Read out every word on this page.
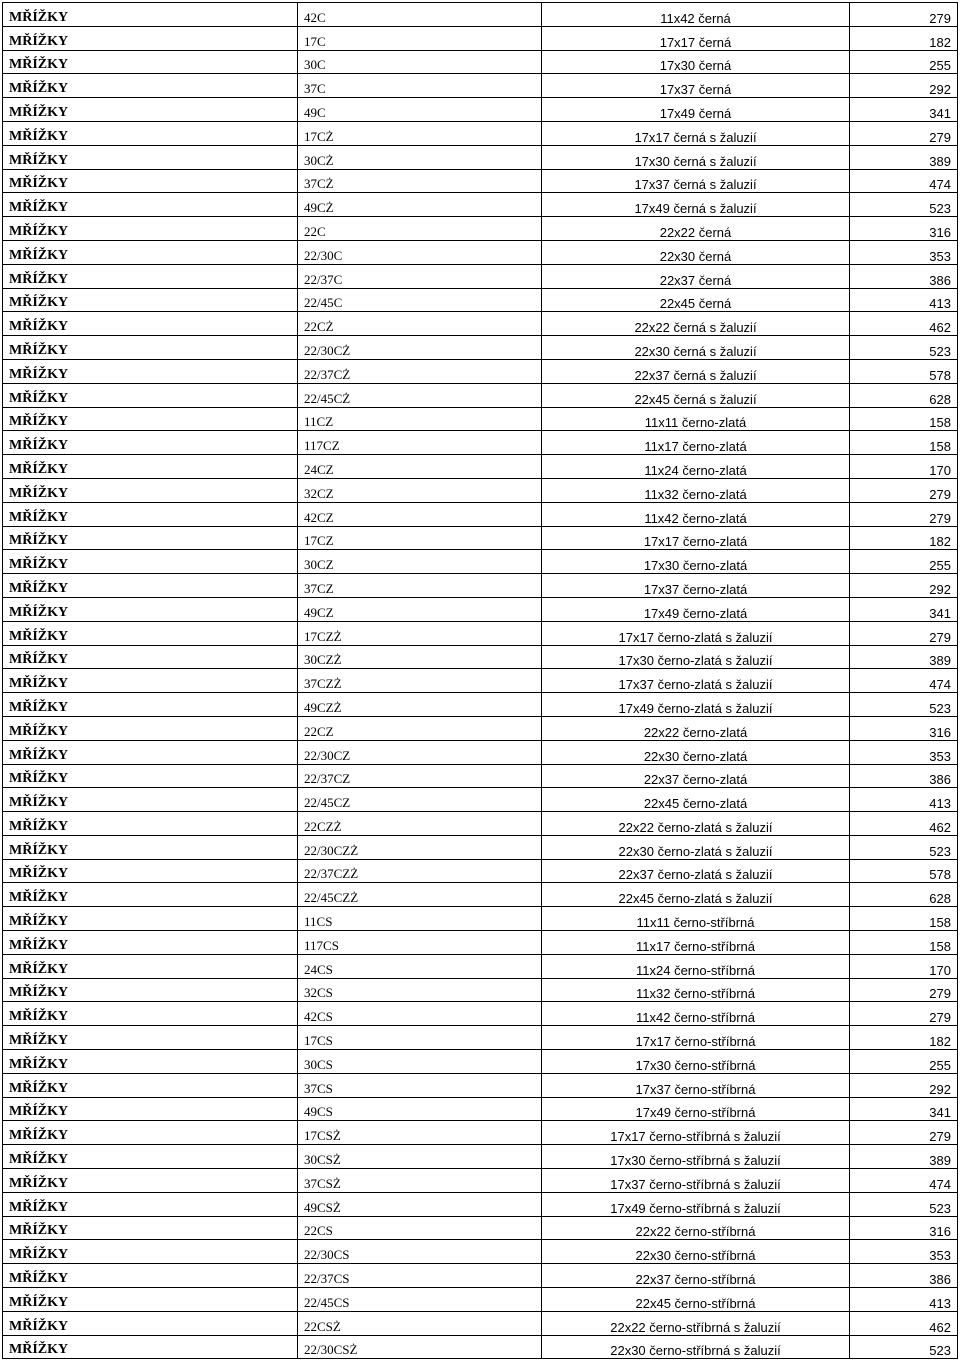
MŘÍŽKY	42C	11x42 černá	279
MŘÍŽKY	17C	17x17 černá	182
MŘÍŽKY	30C	17x30 černá	255
MŘÍŽKY	37C	17x37 černá	292
MŘÍŽKY	49C	17x49 černá	341
MŘÍŽKY	17CŻ	17x17 černá s žaluzií	279
MŘÍŽKY	30CŻ	17x30 černá s žaluzií	389
MŘÍŽKY	37CŻ	17x37 černá s žaluzií	474
MŘÍŽKY	49CŻ	17x49 černá s žaluzií	523
MŘÍŽKY	22C	22x22 černá	316
MŘÍŽKY	22/30C	22x30 černá	353
MŘÍŽKY	22/37C	22x37 černá	386
MŘÍŽKY	22/45C	22x45 černá	413
MŘÍŽKY	22CŻ	22x22 černá s žaluzií	462
MŘÍŽKY	22/30CŻ	22x30 černá s žaluzií	523
MŘÍŽKY	22/37CŻ	22x37 černá s žaluzií	578
MŘÍŽKY	22/45CŻ	22x45 černá s žaluzií	628
MŘÍŽKY	11CZ	11x11 černo-zlatá	158
MŘÍŽKY	117CZ	11x17 černo-zlatá	158
MŘÍŽKY	24CZ	11x24 černo-zlatá	170
MŘÍŽKY	32CZ	11x32 černo-zlatá	279
MŘÍŽKY	42CZ	11x42 černo-zlatá	279
MŘÍŽKY	17CZ	17x17 černo-zlatá	182
MŘÍŽKY	30CZ	17x30 černo-zlatá	255
MŘÍŽKY	37CZ	17x37 černo-zlatá	292
MŘÍŽKY	49CZ	17x49 černo-zlatá	341
MŘÍŽKY	17CZŻ	17x17 černo-zlatá s žaluzií	279
MŘÍŽKY	30CZŻ	17x30 černo-zlatá s žaluzií	389
MŘÍŽKY	37CZŻ	17x37 černo-zlatá s žaluzií	474
MŘÍŽKY	49CZŻ	17x49 černo-zlatá s žaluzií	523
MŘÍŽKY	22CZ	22x22 černo-zlatá	316
MŘÍŽKY	22/30CZ	22x30 černo-zlatá	353
MŘÍŽKY	22/37CZ	22x37 černo-zlatá	386
MŘÍŽKY	22/45CZ	22x45 černo-zlatá	413
MŘÍŽKY	22CZŻ	22x22 černo-zlatá s žaluzií	462
MŘÍŽKY	22/30CZŻ	22x30 černo-zlatá s žaluzií	523
MŘÍŽKY	22/37CZŻ	22x37 černo-zlatá s žaluzií	578
MŘÍŽKY	22/45CZŻ	22x45 černo-zlatá s žaluzií	628
MŘÍŽKY	11CS	11x11 černo-stříbrná	158
MŘÍŽKY	117CS	11x17 černo-stříbrná	158
MŘÍŽKY	24CS	11x24 černo-stříbrná	170
MŘÍŽKY	32CS	11x32 černo-stříbrná	279
MŘÍŽKY	42CS	11x42 černo-stříbrná	279
MŘÍŽKY	17CS	17x17 černo-stříbrná	182
MŘÍŽKY	30CS	17x30 černo-stříbrná	255
MŘÍŽKY	37CS	17x37 černo-stříbrná	292
MŘÍŽKY	49CS	17x49 černo-stříbrná	341
MŘÍŽKY	17CSŻ	17x17 černo-stříbrná s žaluzií	279
MŘÍŽKY	30CSŻ	17x30 černo-stříbrná s žaluzií	389
MŘÍŽKY	37CSŻ	17x37 černo-stříbrná s žaluzií	474
MŘÍŽKY	49CSŻ	17x49 černo-stříbrná s žaluzií	523
MŘÍŽKY	22CS	22x22 černo-stříbrná	316
MŘÍŽKY	22/30CS	22x30 černo-stříbrná	353
MŘÍŽKY	22/37CS	22x37 černo-stříbrná	386
MŘÍŽKY	22/45CS	22x45 černo-stříbrná	413
MŘÍŽKY	22CSŻ	22x22 černo-stříbrná s žaluzií	462
MŘÍŽKY	22/30CSŻ	22x30 černo-stříbrná s žaluzií	523
